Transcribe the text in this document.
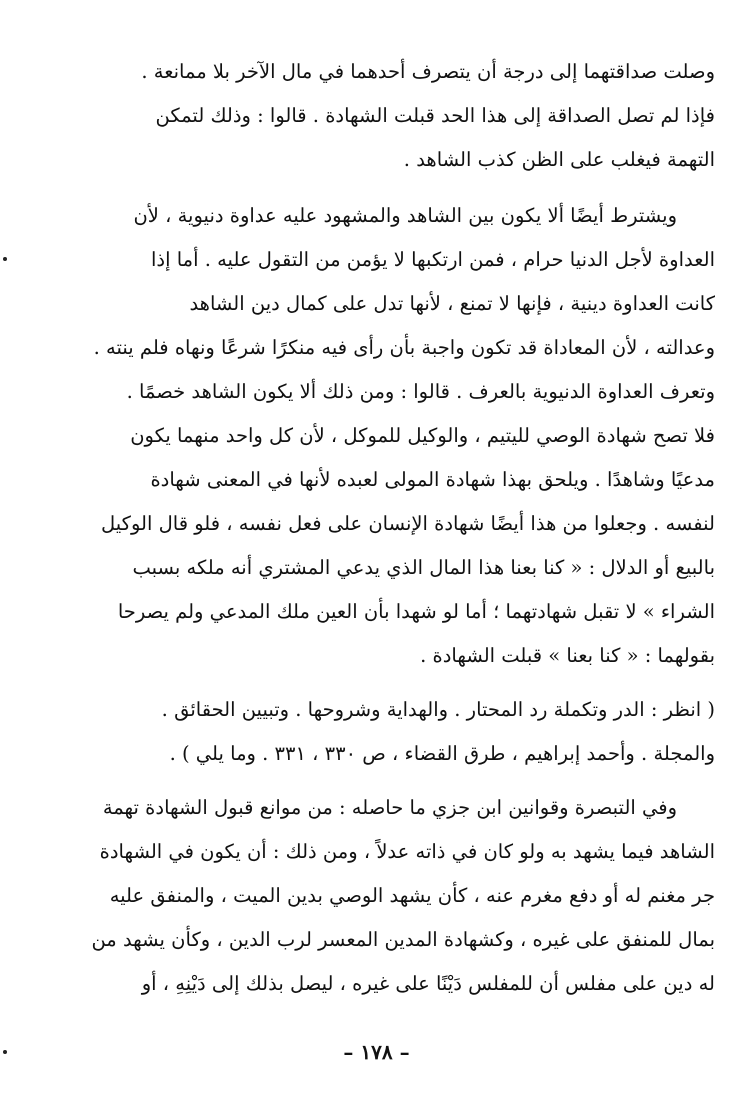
وصلت صداقتهما إلى درجة أن يتصرف أحدهما في مال الآخر بلا ممانعة .
فإذا لم تصل الصداقة إلى هذا الحد قبلت الشهادة . قالوا : وذلك لتمكن
التهمة فيغلب على الظن كذب الشاهد .
ويشترط أيضًا ألا يكون بين الشاهد والمشهود عليه عداوة دنيوية ، لأن
العداوة لأجل الدنيا حرام ، فمن ارتكبها لا يؤمن من التقول عليه . أما إذا
كانت العداوة دينية ، فإنها لا تمنع ، لأنها تدل على كمال دين الشاهد
وعدالته ، لأن المعاداة قد تكون واجبة بأن رأى فيه منكرًا شرعًا ونهاه فلم ينته .
وتعرف العداوة الدنيوية بالعرف . قالوا : ومن ذلك ألا يكون الشاهد خصمًا .
فلا تصح شهادة الوصي لليتيم ، والوكيل للموكل ، لأن كل واحد منهما يكون
مدعيًا وشاهدًا . ويلحق بهذا شهادة المولى لعبده لأنها في المعنى شهادة
لنفسه . وجعلوا من هذا أيضًا شهادة الإنسان على فعل نفسه ، فلو قال الوكيل
بالبيع أو الدلال : « كنا بعنا هذا المال الذي يدعي المشتري أنه ملكه بسبب
الشراء » لا تقبل شهادتهما ؛ أما لو شهدا بأن العين ملك المدعي ولم يصرحا
بقولهما : « كنا بعنا » قبلت الشهادة .
( انظر : الدر وتكملة رد المحتار . والهداية وشروحها . وتبيين الحقائق .
والمجلة . وأحمد إبراهيم ، طرق القضاء ، ص ٣٣٠ ، ٣٣١ . وما يلي ) .
وفي التبصرة وقوانين ابن جزي ما حاصله : من موانع قبول الشهادة تهمة
الشاهد فيما يشهد به ولو كان في ذاته عدلاً ، ومن ذلك : أن يكون في الشهادة
جر مغنم له أو دفع مغرم عنه ، كأن يشهد الوصي بدين الميت ، والمنفق عليه
بمال للمنفق على غيره ، وكشهادة المدين المعسر لرب الدين ، وكأن يشهد من
له دين على مفلس أن للمفلس دَيْنًا على غيره ، ليصل بذلك إلى دَيْنِهِ ، أو
– ١٧٨ –
